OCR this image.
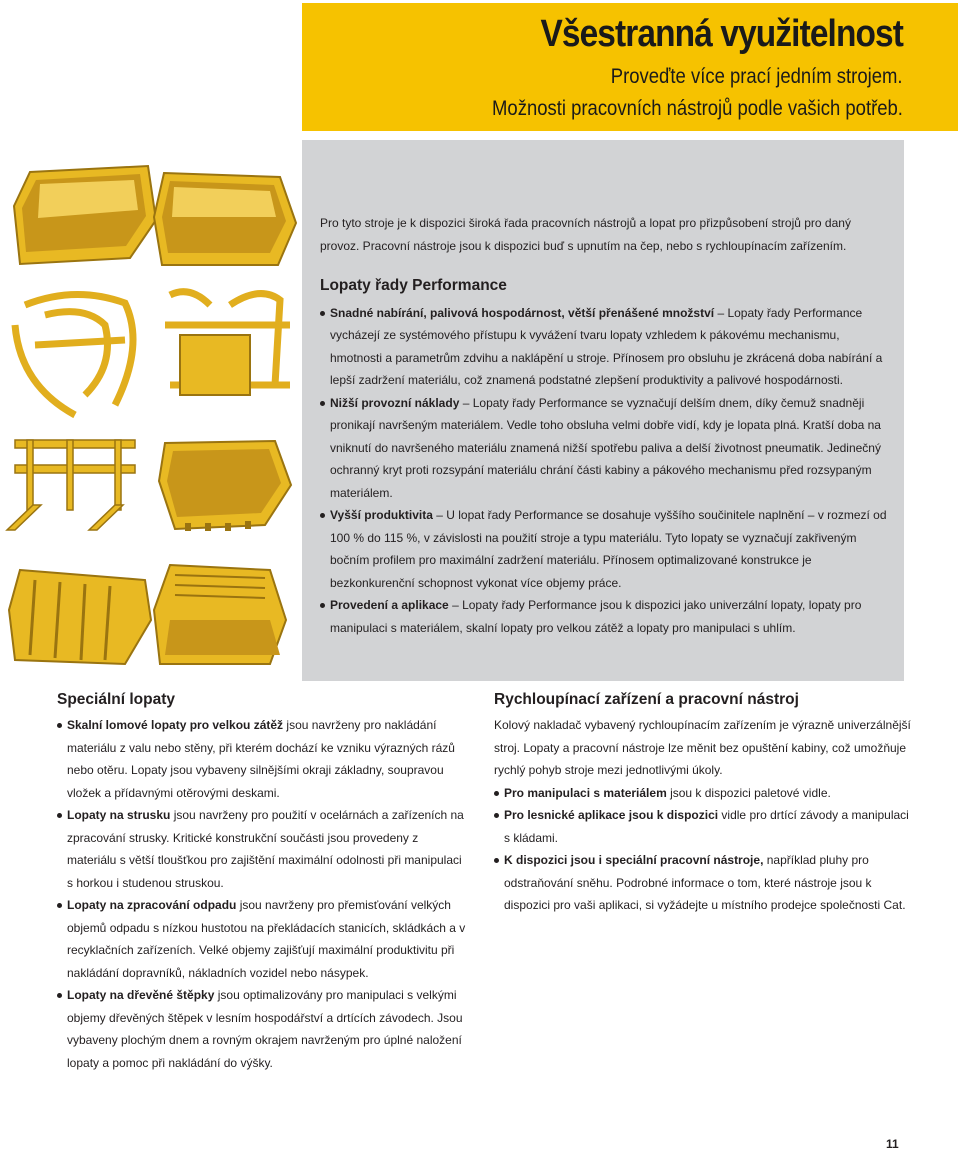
Všestranná využitelnost
Proveďte více prací jedním strojem.
Možnosti pracovních nástrojů podle vašich potřeb.

Pro tyto stroje je k dispozici široká řada pracovních nástrojů a lopat pro přizpůsobení strojů pro daný provoz. Pracovní nástroje jsou k dispozici buď s upnutím na čep, nebo s rychloupínacím zařízením.

Lopaty řady Performance
Snadné nabírání, palivová hospodárnost, větší přenášené množství – Lopaty řady Performance vycházejí ze systémového přístupu k vyvážení tvaru lopaty vzhledem k pákovému mechanismu, hmotnosti a parametrům zdvihu a naklápění u stroje. Přínosem pro obsluhu je zkrácená doba nabírání a lepší zadržení materiálu, což znamená podstatné zlepšení produktivity a palivové hospodárnosti.
Nižší provozní náklady – Lopaty řady Performance se vyznačují delším dnem, díky čemuž snadněji pronikají navršeným materiálem. Vedle toho obsluha velmi dobře vidí, kdy je lopata plná. Kratší doba na vniknutí do navršeného materiálu znamená nižší spotřebu paliva a delší životnost pneumatik. Jedinečný ochranný kryt proti rozsypání materiálu chrání části kabiny a pákového mechanismu před rozsypaným materiálem.
Vyšší produktivita – U lopat řady Performance se dosahuje vyššího součinitele naplnění – v rozmezí od 100 % do 115 %, v závislosti na použití stroje a typu materiálu. Tyto lopaty se vyznačují zakřiveným bočním profilem pro maximální zadržení materiálu. Přínosem optimalizované konstrukce je bezkonkurenční schopnost vykonat více objemy práce.
Provedení a aplikace – Lopaty řady Performance jsou k dispozici jako univerzální lopaty, lopaty pro manipulaci s materiálem, skalní lopaty pro velkou zátěž a lopaty pro manipulaci s uhlím.
Speciální lopaty
Skalní lomové lopaty pro velkou zátěž jsou navrženy pro nakládání materiálu z valu nebo stěny, při kterém dochází ke vzniku výrazných rázů nebo otěru. Lopaty jsou vybaveny silnějšími okraji základny, soupravou vložek a přídavnými otěrovými deskami.
Lopaty na strusku jsou navrženy pro použití v ocelárnách a zařízeních na zpracování strusky. Kritické konstrukční součásti jsou provedeny z materiálu s větší tloušťkou pro zajištění maximální odolnosti při manipulaci s horkou i studenou struskou.
Lopaty na zpracování odpadu jsou navrženy pro přemisťování velkých objemů odpadu s nízkou hustotou na překládacích stanicích, skládkách a v recyklačních zařízeních. Velké objemy zajišťují maximální produktivitu při nakládání dopravníků, nákladních vozidel nebo násypek.
Lopaty na dřevěné štěpky jsou optimalizovány pro manipulaci s velkými objemy dřevěných štěpek v lesním hospodářství a drtících závodech. Jsou vybaveny plochým dnem a rovným okrajem navrženým pro úplné naložení lopaty a pomoc při nakládání do výšky.
Rychloupínací zařízení a pracovní nástroj

Kolový nakladač vybavený rychloupínacím zařízením je výrazně univerzálnější stroj. Lopaty a pracovní nástroje lze měnit bez opuštění kabiny, což umožňuje rychlý pohyb stroje mezi jednotlivými úkoly.

Pro manipulaci s materiálem jsou k dispozici paletové vidle.
Pro lesnické aplikace jsou k dispozici vidle pro drtící závody a manipulaci s kládami.
K dispozici jsou i speciální pracovní nástroje, například pluhy pro odstraňování sněhu. Podrobné informace o tom, které nástroje jsou k dispozici pro vaši aplikaci, si vyžádejte u místního prodejce společnosti Cat.
11
